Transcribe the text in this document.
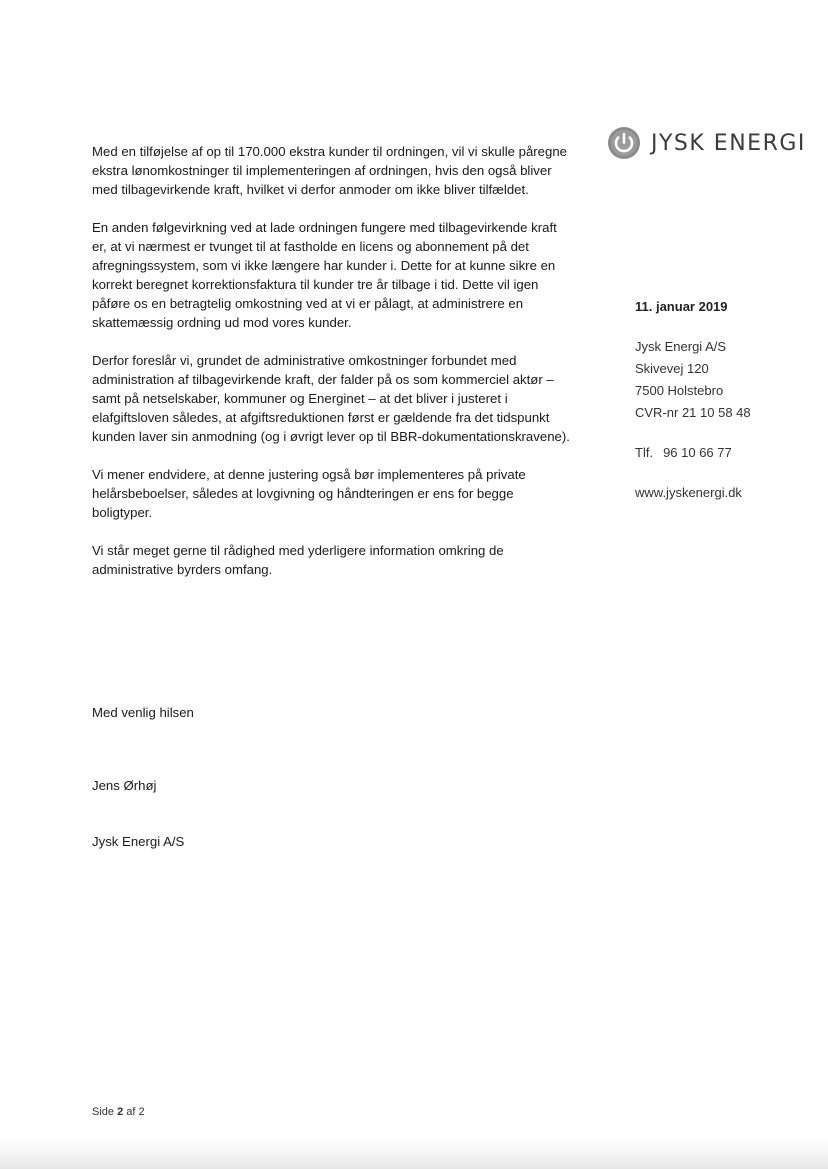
JYSK ENERGI

Med en tilføjelse af op til 170.000 ekstra kunder til ordningen, vil vi skulle påregne ekstra lønomkostninger til implementeringen af ordningen, hvis den også bliver med tilbagevirkende kraft, hvilket vi derfor anmoder om ikke bliver tilfældet.

En anden følgevirkning ved at lade ordningen fungere med tilbagevirkende kraft er, at vi nærmest er tvunget til at fastholde en licens og abonnement på det afregningssystem, som vi ikke længere har kunder i. Dette for at kunne sikre en korrekt beregnet korrektionsfaktura til kunder tre år tilbage i tid. Dette vil igen påføre os en betragtelig omkostning ved at vi er pålagt, at administrere en skattemæssig ordning ud mod vores kunder.

Derfor foreslår vi, grundet de administrative omkostninger forbundet med administration af tilbagevirkende kraft, der falder på os som kommerciel aktør – samt på netselskaber, kommuner og Energinet – at det bliver i justeret i elafgiftsloven således, at afgiftsreduktionen først er gældende fra det tidspunkt kunden laver sin anmodning (og i øvrigt lever op til BBR-dokumentationskravene).

Vi mener endvidere, at denne justering også bør implementeres på private helårsbeboelser, således at lovgivning og håndteringen er ens for begge boligtyper.

Vi står meget gerne til rådighed med yderligere information omkring de administrative byrders omfang.

11. januar 2019
Jysk Energi A/S
Skivevej 120
7500 Holstebro
CVR-nr 21 10 58 48
Tlf. 96 10 66 77
www.jyskenergi.dk
Med venlig hilsen
Jens Ørhøj
Jysk Energi A/S
Side 2 af 2
